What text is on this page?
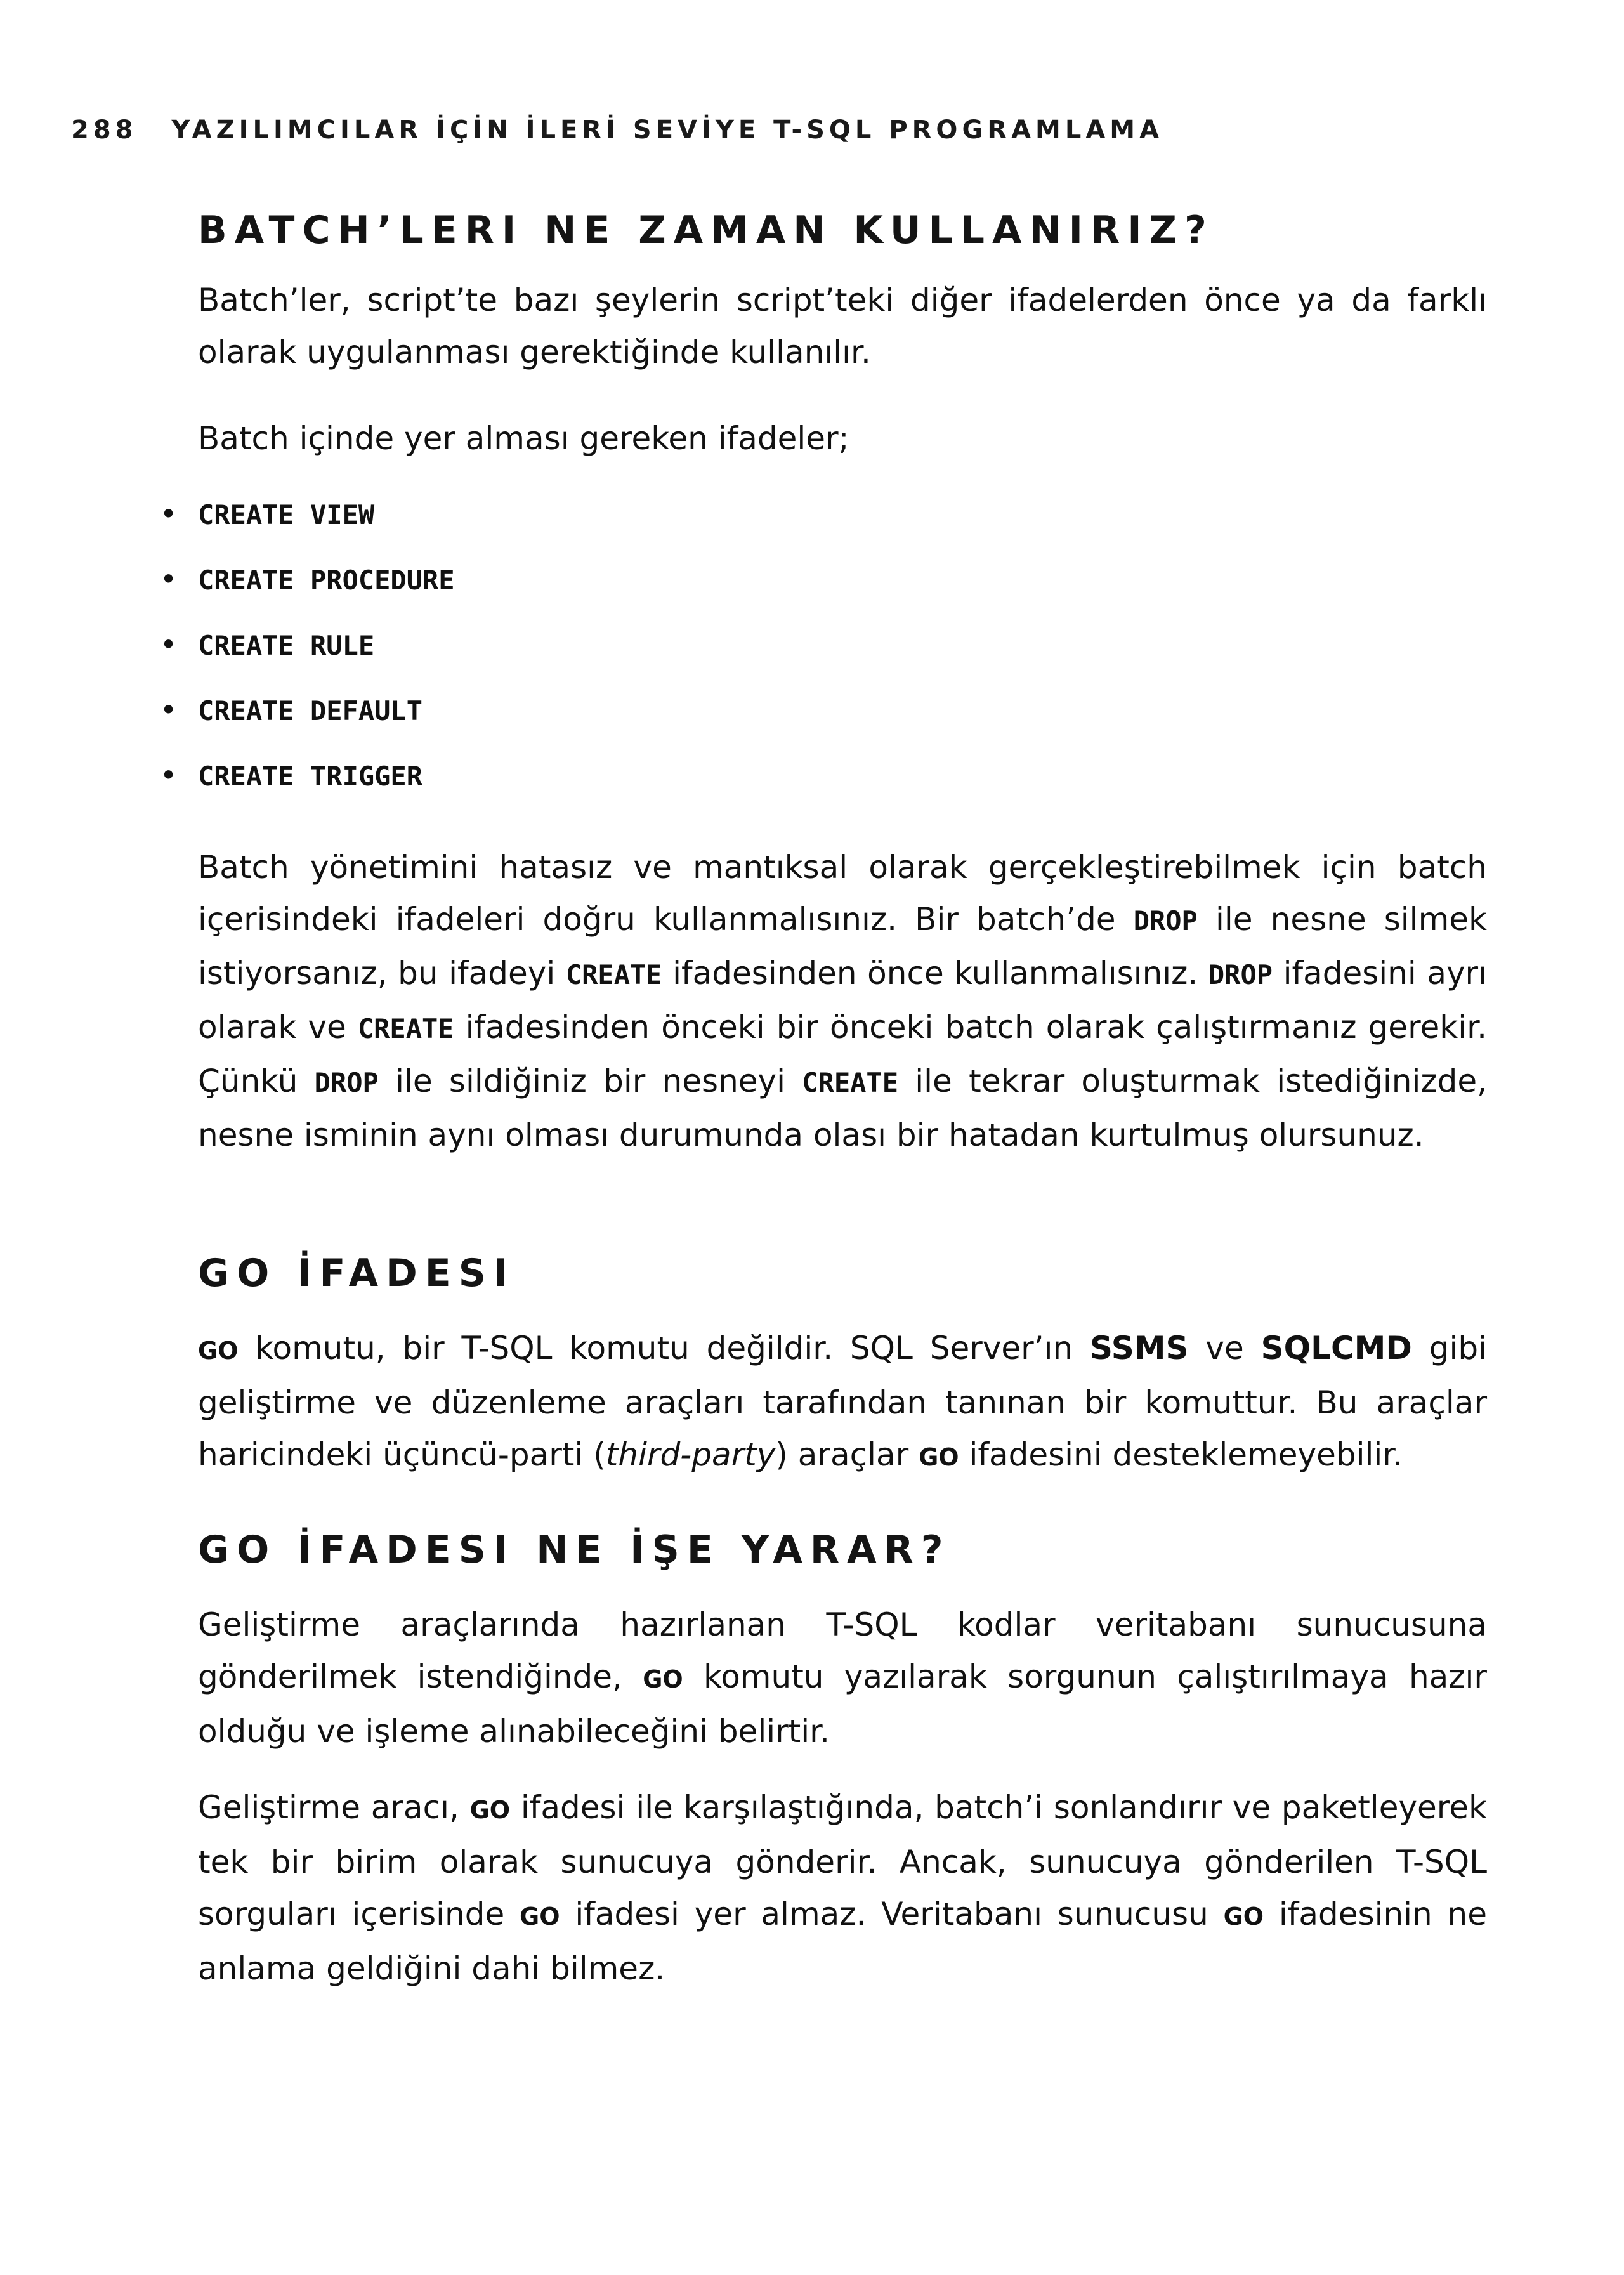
288 YAZILIMCILAR İÇİN İLERİ SEVİYE T-SQL PROGRAMLAMA
BATCH’LERI NE ZAMAN KULLANIRIZ?

Batch’ler, script’te bazı şeylerin script’teki diğer ifadelerden önce ya da farklı olarak uygulanması gerektiğinde kullanılır.

Batch içinde yer alması gereken ifadeler;

• CREATE VIEW
• CREATE PROCEDURE
• CREATE RULE
• CREATE DEFAULT
• CREATE TRIGGER

Batch yönetimini hatasız ve mantıksal olarak gerçekleştirebilmek için batch içerisindeki ifadeleri doğru kullanmalısınız. Bir batch’de DROP ile nesne silmek istiyorsanız, bu ifadeyi CREATE ifadesinden önce kullanmalısınız. DROP ifadesini ayrı olarak ve CREATE ifadesinden önceki bir önceki batch olarak çalıştırmanız gerekir. Çünkü DROP ile sildiğiniz bir nesneyi CREATE ile tekrar oluşturmak istediğinizde, nesne isminin aynı olması durumunda olası bir hatadan kurtulmuş olursunuz.

GO İFADESI

GO komutu, bir T-SQL komutu değildir. SQL Server’ın SSMS ve SQLCMD gibi geliştirme ve düzenleme araçları tarafından tanınan bir komuttur. Bu araçlar haricindeki üçüncü-parti (third-party) araçlar GO ifadesini desteklemeyebilir.

GO İFADESI NE İŞE YARAR?

Geliştirme araçlarında hazırlanan T-SQL kodlar veritabanı sunucusuna gönderilmek istendiğinde, GO komutu yazılarak sorgunun çalıştırılmaya hazır olduğu ve işleme alınabileceğini belirtir.

Geliştirme aracı, GO ifadesi ile karşılaştığında, batch’i sonlandırır ve paketleyerek tek bir birim olarak sunucuya gönderir. Ancak, sunucuya gönderilen T-SQL sorguları içerisinde GO ifadesi yer almaz. Veritabanı sunucusu GO ifadesinin ne anlama geldiğini dahi bilmez.
